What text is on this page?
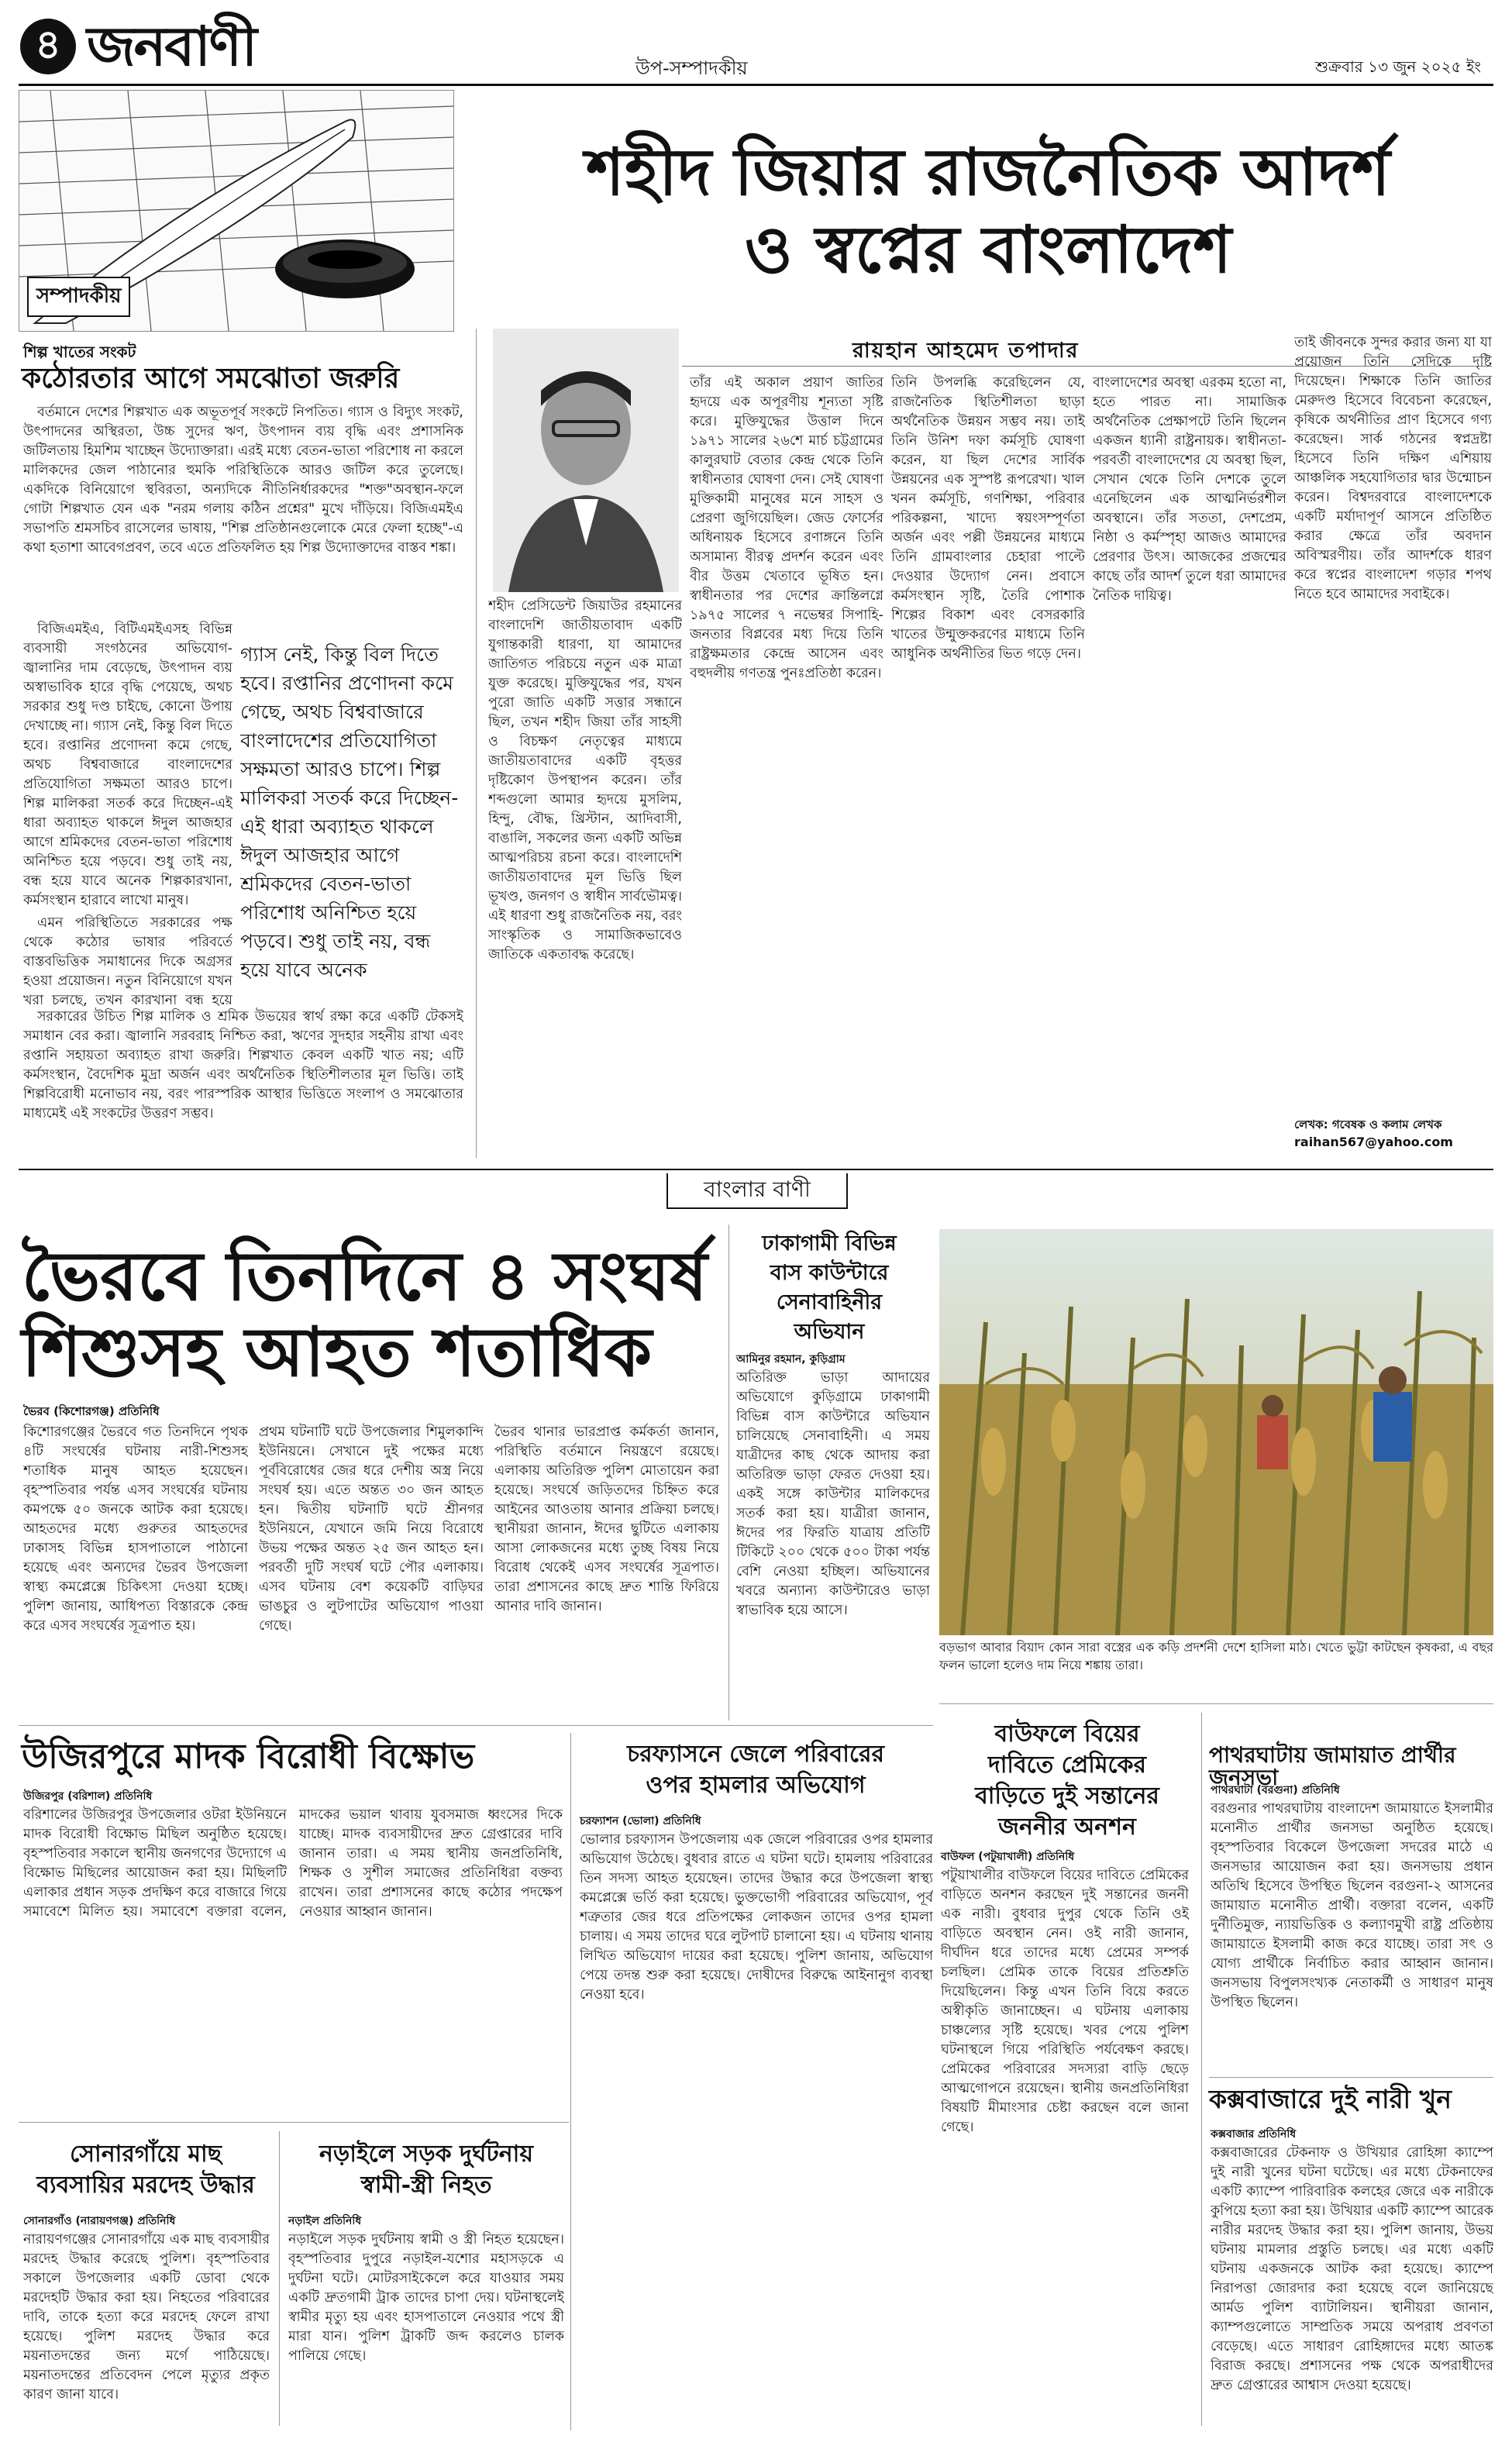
৪ জনবাণী	উপ-সম্পাদকীয়	শুক্রবার ১৩ জুন ২০২৫ ইং
সম্পাদকীয়
শহীদ জিয়ার রাজনৈতিক আদর্শ
ও স্বপ্নের বাংলাদেশ
রায়হান আহমেদ তপাদার
শিল্প খাতের সংকট
কঠোরতার আগে সমঝোতা জরুরি

বর্তমানে দেশের শিল্পখাত এক অভূতপূর্ব সংকটে নিপতিত। গ্যাস ও বিদ্যুৎ সংকট, উৎপাদনের অস্থিরতা, উচ্চ সুদের ঋণ, উৎপাদন ব্যয় বৃদ্ধি এবং প্রশাসনিক জটিলতায় হিমশিম খাচ্ছেন উদ্যোক্তারা। এরই মধ্যে বেতন-ভাতা পরিশোধ না করলে মালিকদের জেল পাঠানোর হুমকি পরিস্থিতিকে আরও জটিল করে তুলেছে। একদিকে বিনিয়োগে স্থবিরতা, অন্যদিকে নীতিনির্ধারকদের "শক্ত"অবস্থান-ফলে গোটা শিল্পখাত যেন এক "নরম গলায় কঠিন প্রশ্নের" মুখে দাঁড়িয়ে। বিজিএমইএ সভাপতি শ্রমসচিব রাসেলের ভাষায়, "শিল্প প্রতিষ্ঠানগুলোকে মেরে ফেলা হচ্ছে"-এ কথা হতাশা আবেগপ্রবণ, তবে এতে প্রতিফলিত হয় শিল্প উদ্যোক্তাদের বাস্তব শঙ্কা।

বিজিএমইএ, বিটিএমইএসহ বিভিন্ন ব্যবসায়ী সংগঠনের অভিযোগ-জ্বালানির দাম বেড়েছে, উৎপাদন ব্যয় অস্বাভাবিক হারে বৃদ্ধি পেয়েছে, অথচ সরকার শুধু দণ্ড চাইছে, কোনো উপায় দেখাচ্ছে না। গ্যাস নেই, কিন্তু বিল দিতে হবে। রপ্তানির প্রণোদনা কমে গেছে, অথচ বিশ্ববাজারে বাংলাদেশের প্রতিযোগিতা সক্ষমতা আরও চাপে। শিল্প মালিকরা সতর্ক করে দিচ্ছেন-এই ধারা অব্যাহত থাকলে ঈদুল আজহার আগে শ্রমিকদের বেতন-ভাতা পরিশোধ অনিশ্চিত হয়ে পড়বে। শুধু তাই নয়, বন্ধ হয়ে যাবে অনেক শিল্পকারখানা, কর্মসংস্থান হারাবে লাখো মানুষ।

এমন পরিস্থিতিতে সরকারের পক্ষ থেকে কঠোর ভাষার পরিবর্তে বাস্তবভিত্তিক সমাধানের দিকে অগ্রসর হওয়া প্রয়োজন। নতুন বিনিয়োগে যখন খরা চলছে, তখন কারখানা বন্ধ হয়ে

গ্যাস নেই, কিন্তু বিল দিতে হবে। রপ্তানির প্রণোদনা কমে গেছে, অথচ বিশ্ববাজারে বাংলাদেশের প্রতিযোগিতা সক্ষমতা আরও চাপে। শিল্প মালিকরা সতর্ক করে দিচ্ছেন-এই ধারা অব্যাহত থাকলে ঈদুল আজহার আগে শ্রমিকদের বেতন-ভাতা পরিশোধ অনিশ্চিত হয়ে পড়বে। শুধু তাই নয়, বন্ধ হয়ে যাবে অনেক

সরকারের উচিত শিল্প মালিক ও শ্রমিক উভয়ের স্বার্থ রক্ষা করে একটি টেকসই সমাধান বের করা। জ্বালানি সরবরাহ নিশ্চিত করা, ঋণের সুদহার সহনীয় রাখা এবং রপ্তানি সহায়তা অব্যাহত রাখা জরুরি। শিল্পখাত কেবল একটি খাত নয়; এটি কর্মসংস্থান, বৈদেশিক মুদ্রা অর্জন এবং অর্থনৈতিক স্থিতিশীলতার মূল ভিত্তি। তাই শিল্পবিরোধী মনোভাব নয়, বরং পারস্পরিক আস্থার ভিত্তিতে সংলাপ ও সমঝোতার মাধ্যমেই এই সংকটের উত্তরণ সম্ভব।

শহীদ প্রেসিডেন্ট জিয়াউর রহমানের বাংলাদেশি জাতীয়তাবাদ একটি যুগান্তকারী ধারণা, যা আমাদের জাতিগত পরিচয়ে নতুন এক মাত্রা যুক্ত করেছে। মুক্তিযুদ্ধের পর, যখন পুরো জাতি একটি সত্তার সন্ধানে ছিল, তখন শহীদ জিয়া তাঁর সাহসী ও বিচক্ষণ নেতৃত্বের মাধ্যমে জাতীয়তাবাদের একটি বৃহত্তর দৃষ্টিকোণ উপস্থাপন করেন। তাঁর শব্দগুলো আমার হৃদয়ে মুসলিম, হিন্দু, বৌদ্ধ, খ্রিস্টান, আদিবাসী, বাঙালি, সকলের জন্য একটি অভিন্ন আত্মপরিচয় রচনা করে। বাংলাদেশি জাতীয়তাবাদের মূল ভিত্তি ছিল ভূখণ্ড, জনগণ ও স্বাধীন সার্বভৌমত্ব। এই ধারণা শুধু রাজনৈতিক নয়, বরং সাংস্কৃতিক ও সামাজিকভাবেও জাতিকে একতাবদ্ধ করেছে।
তাঁর এই অকাল প্রয়াণ জাতির হৃদয়ে এক অপূরণীয় শূন্যতা সৃষ্টি করে। মুক্তিযুদ্ধের উত্তাল দিনে ১৯৭১ সালের ২৬শে মার্চ চট্টগ্রামের কালুরঘাট বেতার কেন্দ্র থেকে তিনি স্বাধীনতার ঘোষণা দেন। সেই ঘোষণা মুক্তিকামী মানুষের মনে সাহস ও প্রেরণা জুগিয়েছিল। জেড ফোর্সের অধিনায়ক হিসেবে রণাঙ্গনে তিনি অসামান্য বীরত্ব প্রদর্শন করেন এবং বীর উত্তম খেতাবে ভূষিত হন। স্বাধীনতার পর দেশের ক্রান্তিলগ্নে ১৯৭৫ সালের ৭ নভেম্বর সিপাহি-জনতার বিপ্লবের মধ্য দিয়ে তিনি রাষ্ট্রক্ষমতার কেন্দ্রে আসেন এবং বহুদলীয় গণতন্ত্র পুনঃপ্রতিষ্ঠা করেন।
তিনি উপলব্ধি করেছিলেন যে, রাজনৈতিক স্থিতিশীলতা ছাড়া অর্থনৈতিক উন্নয়ন সম্ভব নয়। তাই তিনি উনিশ দফা কর্মসূচি ঘোষণা করেন, যা ছিল দেশের সার্বিক উন্নয়নের এক সুস্পষ্ট রূপরেখা। খাল খনন কর্মসূচি, গণশিক্ষা, পরিবার পরিকল্পনা, খাদ্যে স্বয়ংসম্পূর্ণতা অর্জন এবং পল্লী উন্নয়নের মাধ্যমে তিনি গ্রামবাংলার চেহারা পাল্টে দেওয়ার উদ্যোগ নেন। প্রবাসে কর্মসংস্থান সৃষ্টি, তৈরি পোশাক শিল্পের বিকাশ এবং বেসরকারি খাতের উন্মুক্তকরণের মাধ্যমে তিনি আধুনিক অর্থনীতির ভিত গড়ে দেন।
বাংলাদেশের অবস্থা এরকম হতো না, হতে পারত না। সামাজিক অর্থনৈতিক প্রেক্ষাপটে তিনি ছিলেন একজন ধ্যানী রাষ্ট্রনায়ক। স্বাধীনতা-পরবর্তী বাংলাদেশের যে অবস্থা ছিল, সেখান থেকে তিনি দেশকে তুলে এনেছিলেন এক আত্মনির্ভরশীল অবস্থানে। তাঁর সততা, দেশপ্রেম, নিষ্ঠা ও কর্মস্পৃহা আজও আমাদের প্রেরণার উৎস। আজকের প্রজন্মের কাছে তাঁর আদর্শ তুলে ধরা আমাদের নৈতিক দায়িত্ব।
তাই জীবনকে সুন্দর করার জন্য যা যা প্রয়োজন তিনি সেদিকে দৃষ্টি দিয়েছেন। শিক্ষাকে তিনি জাতির মেরুদণ্ড হিসেবে বিবেচনা করেছেন, কৃষিকে অর্থনীতির প্রাণ হিসেবে গণ্য করেছেন। সার্ক গঠনের স্বপ্নদ্রষ্টা হিসেবে তিনি দক্ষিণ এশিয়ায় আঞ্চলিক সহযোগিতার দ্বার উন্মোচন করেন। বিশ্বদরবারে বাংলাদেশকে একটি মর্যাদাপূর্ণ আসনে প্রতিষ্ঠিত করার ক্ষেত্রে তাঁর অবদান অবিস্মরণীয়। তাঁর আদর্শকে ধারণ করে স্বপ্নের বাংলাদেশ গড়ার শপথ নিতে হবে আমাদের সবাইকে।
লেখক: গবেষক ও কলাম লেখক
raihan567@yahoo.com
বাংলার বাণী
ভৈরবে তিনদিনে ৪ সংঘর্ষ
শিশুসহ আহত শতাধিক
ভৈরব (কিশোরগঞ্জ) প্রতিনিধি
কিশোরগঞ্জের ভৈরবে গত তিনদিনে পৃথক ৪টি সংঘর্ষের ঘটনায় নারী-শিশুসহ শতাধিক মানুষ আহত হয়েছেন। বৃহস্পতিবার পর্যন্ত এসব সংঘর্ষের ঘটনায় কমপক্ষে ৫০ জনকে আটক করা হয়েছে। আহতদের মধ্যে গুরুতর আহতদের ঢাকাসহ বিভিন্ন হাসপাতালে পাঠানো হয়েছে এবং অন্যদের ভৈরব উপজেলা স্বাস্থ্য কমপ্লেক্সে চিকিৎসা দেওয়া হচ্ছে। পুলিশ জানায়, আধিপত্য বিস্তারকে কেন্দ্র করে এসব সংঘর্ষের সূত্রপাত হয়।
প্রথম ঘটনাটি ঘটে উপজেলার শিমুলকান্দি ইউনিয়নে। সেখানে দুই পক্ষের মধ্যে পূর্ববিরোধের জের ধরে দেশীয় অস্ত্র নিয়ে সংঘর্ষ হয়। এতে অন্তত ৩০ জন আহত হন। দ্বিতীয় ঘটনাটি ঘটে শ্রীনগর ইউনিয়নে, যেখানে জমি নিয়ে বিরোধে উভয় পক্ষের অন্তত ২৫ জন আহত হন। পরবর্তী দুটি সংঘর্ষ ঘটে পৌর এলাকায়। এসব ঘটনায় বেশ কয়েকটি বাড়িঘর ভাঙচুর ও লুটপাটের অভিযোগ পাওয়া গেছে।
ভৈরব থানার ভারপ্রাপ্ত কর্মকর্তা জানান, পরিস্থিতি বর্তমানে নিয়ন্ত্রণে রয়েছে। এলাকায় অতিরিক্ত পুলিশ মোতায়েন করা হয়েছে। সংঘর্ষে জড়িতদের চিহ্নিত করে আইনের আওতায় আনার প্রক্রিয়া চলছে। স্থানীয়রা জানান, ঈদের ছুটিতে এলাকায় আসা লোকজনের মধ্যে তুচ্ছ বিষয় নিয়ে বিরোধ থেকেই এসব সংঘর্ষের সূত্রপাত। তারা প্রশাসনের কাছে দ্রুত শান্তি ফিরিয়ে আনার দাবি জানান।
ঢাকাগামী বিভিন্ন
বাস কাউন্টারে
সেনাবাহিনীর
অভিযান
আমিনুর রহমান, কুড়িগ্রাম
অতিরিক্ত ভাড়া আদায়ের অভিযোগে কুড়িগ্রামে ঢাকাগামী বিভিন্ন বাস কাউন্টারে অভিযান চালিয়েছে সেনাবাহিনী। এ সময় যাত্রীদের কাছ থেকে আদায় করা অতিরিক্ত ভাড়া ফেরত দেওয়া হয়। একই সঙ্গে কাউন্টার মালিকদের সতর্ক করা হয়। যাত্রীরা জানান, ঈদের পর ফিরতি যাত্রায় প্রতিটি টিকিটে ২০০ থেকে ৫০০ টাকা পর্যন্ত বেশি নেওয়া হচ্ছিল। অভিযানের খবরে অন্যান্য কাউন্টারেও ভাড়া স্বাভাবিক হয়ে আসে।
বড়ভাগ আবার বিয়াদ কোন সারা বস্ত্রের এক কড়ি প্রদর্শনী দেশে হাসিলা মাঠ। খেতে ভুট্টা কাটছেন কৃষকরা, এ বছর ফলন ভালো হলেও দাম নিয়ে শঙ্কায় তারা।
বাউফলে বিয়ের
দাবিতে প্রেমিকের
বাড়িতে দুই সন্তানের
জননীর অনশন
বাউফল (পটুয়াখালী) প্রতিনিধি
পটুয়াখালীর বাউফলে বিয়ের দাবিতে প্রেমিকের বাড়িতে অনশন করছেন দুই সন্তানের জননী এক নারী। বুধবার দুপুর থেকে তিনি ওই বাড়িতে অবস্থান নেন। ওই নারী জানান, দীর্ঘদিন ধরে তাদের মধ্যে প্রেমের সম্পর্ক চলছিল। প্রেমিক তাকে বিয়ের প্রতিশ্রুতি দিয়েছিলেন। কিন্তু এখন তিনি বিয়ে করতে অস্বীকৃতি জানাচ্ছেন। এ ঘটনায় এলাকায় চাঞ্চল্যের সৃষ্টি হয়েছে। খবর পেয়ে পুলিশ ঘটনাস্থলে গিয়ে পরিস্থিতি পর্যবেক্ষণ করছে। প্রেমিকের পরিবারের সদস্যরা বাড়ি ছেড়ে আত্মগোপনে রয়েছেন। স্থানীয় জনপ্রতিনিধিরা বিষয়টি মীমাংসার চেষ্টা করছেন বলে জানা গেছে।
পাথরঘাটায় জামায়াত প্রার্থীর জনসভা
পাথরঘাটা (বরগুনা) প্রতিনিধি
বরগুনার পাথরঘাটায় বাংলাদেশ জামায়াতে ইসলামীর মনোনীত প্রার্থীর জনসভা অনুষ্ঠিত হয়েছে। বৃহস্পতিবার বিকেলে উপজেলা সদরের মাঠে এ জনসভার আয়োজন করা হয়। জনসভায় প্রধান অতিথি হিসেবে উপস্থিত ছিলেন বরগুনা-২ আসনের জামায়াত মনোনীত প্রার্থী। বক্তারা বলেন, একটি দুর্নীতিমুক্ত, ন্যায়ভিত্তিক ও কল্যাণমুখী রাষ্ট্র প্রতিষ্ঠায় জামায়াতে ইসলামী কাজ করে যাচ্ছে। তারা সৎ ও যোগ্য প্রার্থীকে নির্বাচিত করার আহ্বান জানান। জনসভায় বিপুলসংখ্যক নেতাকর্মী ও সাধারণ মানুষ উপস্থিত ছিলেন।
কক্সবাজারে দুই নারী খুন
কক্সবাজার প্রতিনিধি
কক্সবাজারের টেকনাফ ও উখিয়ার রোহিঙ্গা ক্যাম্পে দুই নারী খুনের ঘটনা ঘটেছে। এর মধ্যে টেকনাফের একটি ক্যাম্পে পারিবারিক কলহের জেরে এক নারীকে কুপিয়ে হত্যা করা হয়। উখিয়ার একটি ক্যাম্পে আরেক নারীর মরদেহ উদ্ধার করা হয়। পুলিশ জানায়, উভয় ঘটনায় মামলার প্রস্তুতি চলছে। এর মধ্যে একটি ঘটনায় একজনকে আটক করা হয়েছে। ক্যাম্পে নিরাপত্তা জোরদার করা হয়েছে বলে জানিয়েছে আর্মড পুলিশ ব্যাটালিয়ন। স্থানীয়রা জানান, ক্যাম্পগুলোতে সাম্প্রতিক সময়ে অপরাধ প্রবণতা বেড়েছে। এতে সাধারণ রোহিঙ্গাদের মধ্যে আতঙ্ক বিরাজ করছে। প্রশাসনের পক্ষ থেকে অপরাধীদের দ্রুত গ্রেপ্তারের আশ্বাস দেওয়া হয়েছে।
উজিরপুরে মাদক বিরোধী বিক্ষোভ
উজিরপুর (বরিশাল) প্রতিনিধি
বরিশালের উজিরপুর উপজেলার ওটরা ইউনিয়নে মাদক বিরোধী বিক্ষোভ মিছিল অনুষ্ঠিত হয়েছে। বৃহস্পতিবার সকালে স্থানীয় জনগণের উদ্যোগে এ বিক্ষোভ মিছিলের আয়োজন করা হয়। মিছিলটি এলাকার প্রধান সড়ক প্রদক্ষিণ করে বাজারে গিয়ে সমাবেশে মিলিত হয়। সমাবেশে বক্তারা বলেন, মাদকের ভয়াল থাবায় যুবসমাজ ধ্বংসের দিকে যাচ্ছে। মাদক ব্যবসায়ীদের দ্রুত গ্রেপ্তারের দাবি জানান তারা। এ সময় স্থানীয় জনপ্রতিনিধি, শিক্ষক ও সুশীল সমাজের প্রতিনিধিরা বক্তব্য রাখেন। তারা প্রশাসনের কাছে কঠোর পদক্ষেপ নেওয়ার আহ্বান জানান।
চরফ্যাসনে জেলে পরিবারের
ওপর হামলার অভিযোগ
চরফ্যাশন (ভোলা) প্রতিনিধি
ভোলার চরফ্যাসন উপজেলায় এক জেলে পরিবারের ওপর হামলার অভিযোগ উঠেছে। বুধবার রাতে এ ঘটনা ঘটে। হামলায় পরিবারের তিন সদস্য আহত হয়েছেন। তাদের উদ্ধার করে উপজেলা স্বাস্থ্য কমপ্লেক্সে ভর্তি করা হয়েছে। ভুক্তভোগী পরিবারের অভিযোগ, পূর্ব শত্রুতার জের ধরে প্রতিপক্ষের লোকজন তাদের ওপর হামলা চালায়। এ সময় তাদের ঘরে লুটপাট চালানো হয়। এ ঘটনায় থানায় লিখিত অভিযোগ দায়ের করা হয়েছে। পুলিশ জানায়, অভিযোগ পেয়ে তদন্ত শুরু করা হয়েছে। দোষীদের বিরুদ্ধে আইনানুগ ব্যবস্থা নেওয়া হবে।
সোনারগাঁয়ে মাছ
ব্যবসায়ির মরদেহ উদ্ধার
সোনারগাঁও (নারায়ণগঞ্জ) প্রতিনিধি
নারায়ণগঞ্জের সোনারগাঁয়ে এক মাছ ব্যবসায়ীর মরদেহ উদ্ধার করেছে পুলিশ। বৃহস্পতিবার সকালে উপজেলার একটি ডোবা থেকে মরদেহটি উদ্ধার করা হয়। নিহতের পরিবারের দাবি, তাকে হত্যা করে মরদেহ ফেলে রাখা হয়েছে। পুলিশ মরদেহ উদ্ধার করে ময়নাতদন্তের জন্য মর্গে পাঠিয়েছে। ময়নাতদন্তের প্রতিবেদন পেলে মৃত্যুর প্রকৃত কারণ জানা যাবে।
নড়াইলে সড়ক দুর্ঘটনায়
স্বামী-স্ত্রী নিহত
নড়াইল প্রতিনিধি
নড়াইলে সড়ক দুর্ঘটনায় স্বামী ও স্ত্রী নিহত হয়েছেন। বৃহস্পতিবার দুপুরে নড়াইল-যশোর মহাসড়কে এ দুর্ঘটনা ঘটে। মোটরসাইকেলে করে যাওয়ার সময় একটি দ্রুতগামী ট্রাক তাদের চাপা দেয়। ঘটনাস্থলেই স্বামীর মৃত্যু হয় এবং হাসপাতালে নেওয়ার পথে স্ত্রী মারা যান। পুলিশ ট্রাকটি জব্দ করলেও চালক পালিয়ে গেছে।
